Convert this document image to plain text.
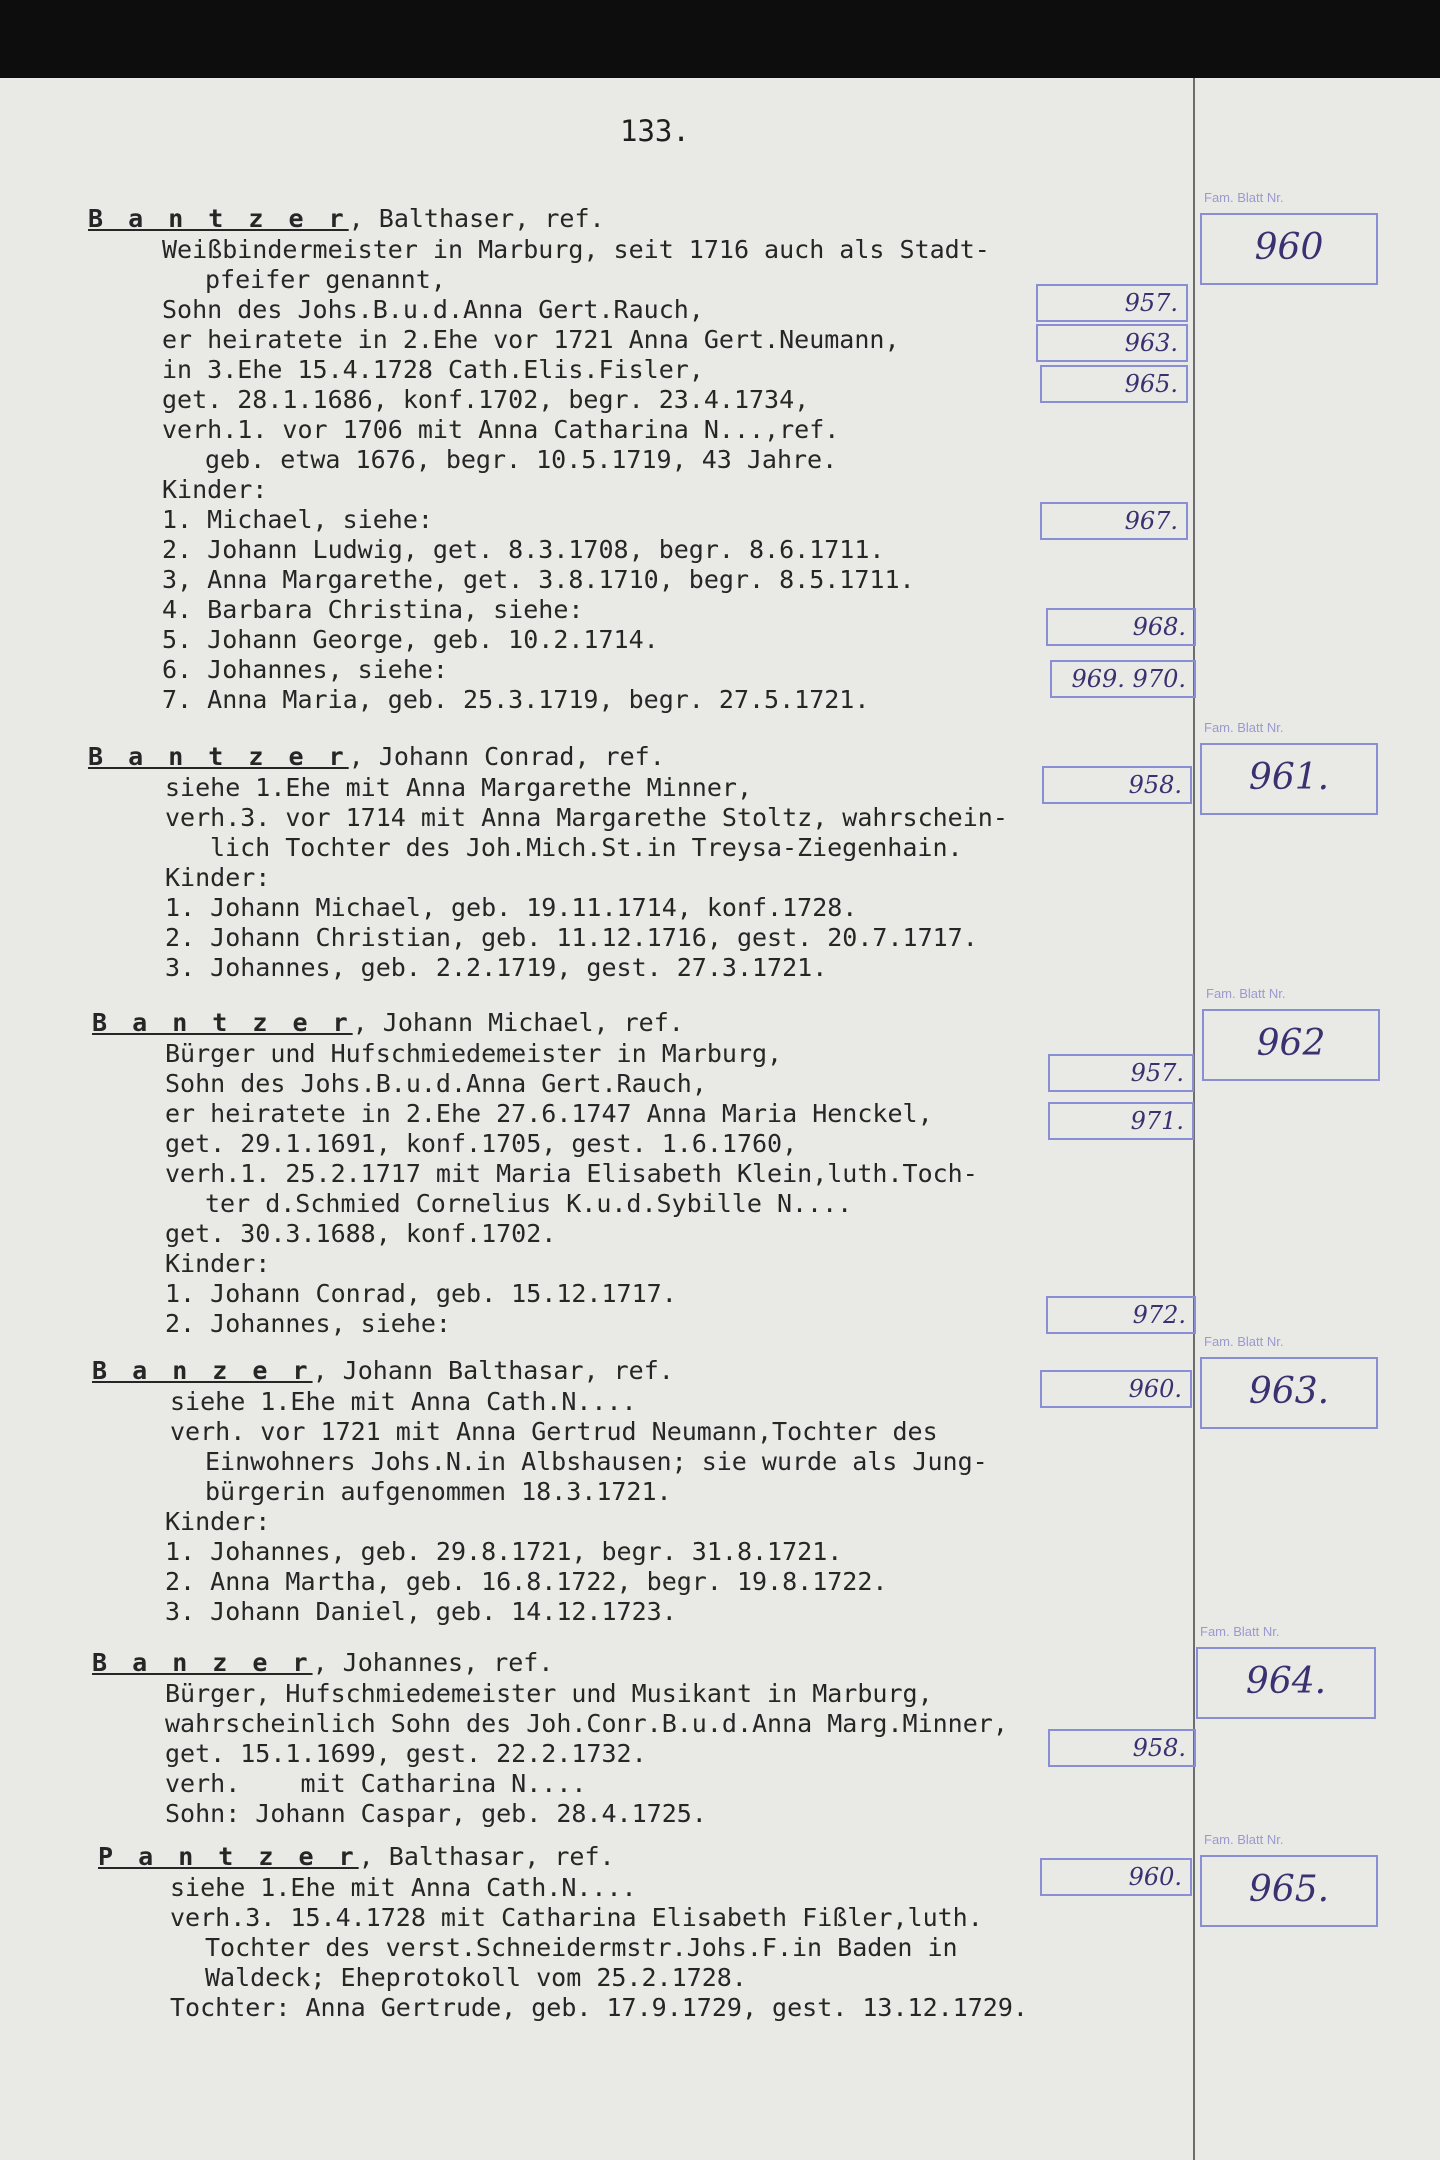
133.
B a n t z e r, Balthaser, ref.
Weißbindermeister in Marburg, seit 1716 auch als Stadt-
pfeifer genannt,
Sohn des Johs.B.u.d.Anna Gert.Rauch,
er heiratete in 2.Ehe vor 1721 Anna Gert.Neumann,
in 3.Ehe 15.4.1728 Cath.Elis.Fisler,
get. 28.1.1686, konf.1702, begr. 23.4.1734,
verh.1. vor 1706 mit Anna Catharina N...,ref.
geb. etwa 1676, begr. 10.5.1719, 43 Jahre.
Kinder:
1. Michael, siehe:
2. Johann Ludwig, get. 8.3.1708, begr. 8.6.1711.
3, Anna Margarethe, get. 3.8.1710, begr. 8.5.1711.
4. Barbara Christina, siehe:
5. Johann George, geb. 10.2.1714.
6. Johannes, siehe:
7. Anna Maria, geb. 25.3.1719, begr. 27.5.1721.
Fam. Blatt Nr.
960
957.
963.
965.
967.
968.
969. 970.
B a n t z e r, Johann Conrad, ref.
siehe 1.Ehe mit Anna Margarethe Minner,
verh.3. vor 1714 mit Anna Margarethe Stoltz, wahrschein-
lich Tochter des Joh.Mich.St.in Treysa-Ziegenhain.
Kinder:
1. Johann Michael, geb. 19.11.1714, konf.1728.
2. Johann Christian, geb. 11.12.1716, gest. 20.7.1717.
3. Johannes, geb. 2.2.1719, gest. 27.3.1721.
Fam. Blatt Nr.
961.
958.
B a n t z e r, Johann Michael, ref.
Bürger und Hufschmiedemeister in Marburg,
Sohn des Johs.B.u.d.Anna Gert.Rauch,
er heiratete in 2.Ehe 27.6.1747 Anna Maria Henckel,
get. 29.1.1691, konf.1705, gest. 1.6.1760,
verh.1. 25.2.1717 mit Maria Elisabeth Klein,luth.Toch-
ter d.Schmied Cornelius K.u.d.Sybille N....
get. 30.3.1688, konf.1702.
Kinder:
1. Johann Conrad, geb. 15.12.1717.
2. Johannes, siehe:
Fam. Blatt Nr.
962
957.
971.
972.
B a n z e r, Johann Balthasar, ref.
siehe 1.Ehe mit Anna Cath.N....
verh. vor 1721 mit Anna Gertrud Neumann,Tochter des
Einwohners Johs.N.in Albshausen; sie wurde als Jung-
bürgerin aufgenommen 18.3.1721.
Kinder:
1. Johannes, geb. 29.8.1721, begr. 31.8.1721.
2. Anna Martha, geb. 16.8.1722, begr. 19.8.1722.
3. Johann Daniel, geb. 14.12.1723.
Fam. Blatt Nr.
963.
960.
B a n z e r, Johannes, ref.
Bürger, Hufschmiedemeister und Musikant in Marburg,
wahrscheinlich Sohn des Joh.Conr.B.u.d.Anna Marg.Minner,
get. 15.1.1699, gest. 22.2.1732.
verh.    mit Catharina N....
Sohn: Johann Caspar, geb. 28.4.1725.
Fam. Blatt Nr.
964.
958.
P a n t z e r, Balthasar, ref.
siehe 1.Ehe mit Anna Cath.N....
verh.3. 15.4.1728 mit Catharina Elisabeth Fißler,luth.
Tochter des verst.Schneidermstr.Johs.F.in Baden in
Waldeck; Eheprotokoll vom 25.2.1728.
Tochter: Anna Gertrude, geb. 17.9.1729, gest. 13.12.1729.
Fam. Blatt Nr.
965.
960.
